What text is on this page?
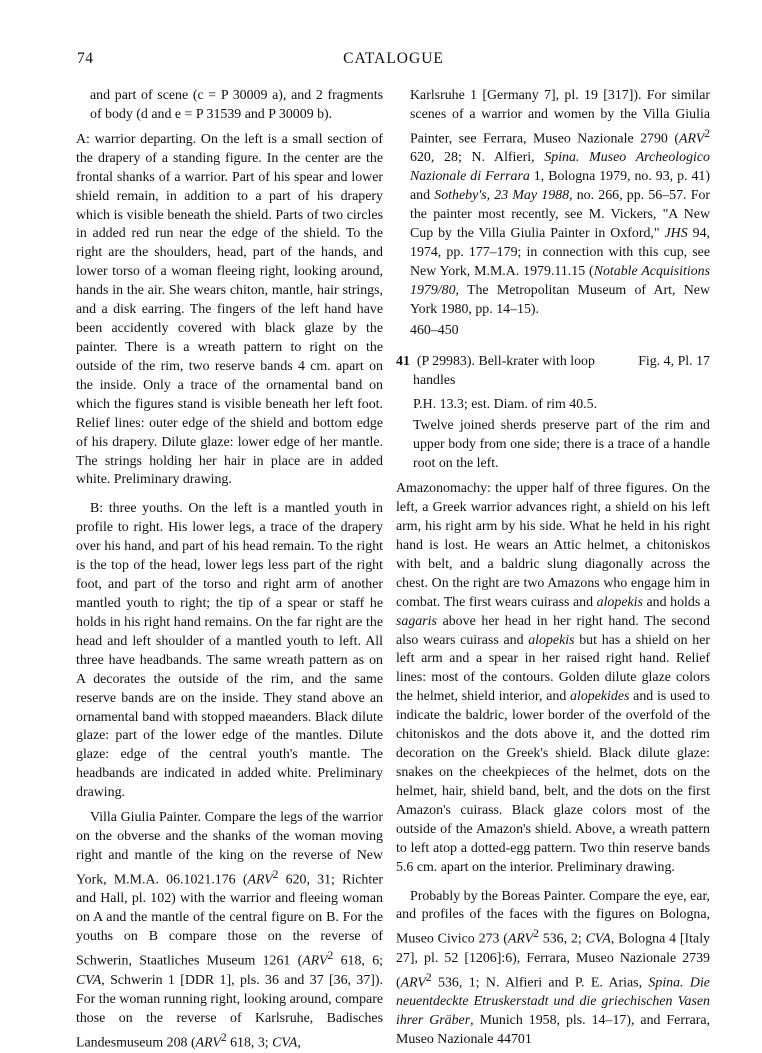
74	CATALOGUE

and part of scene (c = P 30009 a), and 2 fragments of body (d and e = P 31539 and P 30009 b).

A: warrior departing. On the left is a small section of the drapery of a standing figure. In the center are the frontal shanks of a warrior. Part of his spear and lower shield remain, in addition to a part of his drapery which is visible beneath the shield. Parts of two circles in added red run near the edge of the shield. To the right are the shoulders, head, part of the hands, and lower torso of a woman fleeing right, looking around, hands in the air. She wears chiton, mantle, hair strings, and a disk earring. The fingers of the left hand have been accidently covered with black glaze by the painter. There is a wreath pattern to right on the outside of the rim, two reserve bands 4 cm. apart on the inside. Only a trace of the ornamental band on which the figures stand is visible beneath her left foot. Relief lines: outer edge of the shield and bottom edge of his drapery. Dilute glaze: lower edge of her mantle. The strings holding her hair in place are in added white. Preliminary drawing.

B: three youths. On the left is a mantled youth in profile to right. His lower legs, a trace of the drapery over his hand, and part of his head remain. To the right is the top of the head, lower legs less part of the right foot, and part of the torso and right arm of another mantled youth to right; the tip of a spear or staff he holds in his right hand remains. On the far right are the head and left shoulder of a mantled youth to left. All three have headbands. The same wreath pattern as on A decorates the outside of the rim, and the same reserve bands are on the inside. They stand above an ornamental band with stopped maeanders. Black dilute glaze: part of the lower edge of the mantles. Dilute glaze: edge of the central youth's mantle. The headbands are indicated in added white. Preliminary drawing.

Villa Giulia Painter. Compare the legs of the warrior on the obverse and the shanks of the woman moving right and mantle of the king on the reverse of New York, M.M.A. 06.1021.176 (ARV$^2$ 620, 31; Richter and Hall, pl. 102) with the warrior and fleeing woman on A and the mantle of the central figure on B. For the youths on B compare those on the reverse of Schwerin, Staatliches Museum 1261 (ARV$^2$ 618, 6; CVA, Schwerin 1 [DDR 1], pls. 36 and 37 [36, 37]). For the woman running right, looking around, compare those on the reverse of Karlsruhe, Badisches Landesmuseum 208 (ARV$^2$ 618, 3; CVA,

Karlsruhe 1 [Germany 7], pl. 19 [317]). For similar scenes of a warrior and women by the Villa Giulia Painter, see Ferrara, Museo Nazionale 2790 (ARV$^2$ 620, 28; N. Alfieri, Spina. Museo Archeologico Nazionale di Ferrara 1, Bologna 1979, no. 93, p. 41) and Sotheby's, 23 May 1988, no. 266, pp. 56–57. For the painter most recently, see M. Vickers, "A New Cup by the Villa Giulia Painter in Oxford," JHS 94, 1974, pp. 177–179; in connection with this cup, see New York, M.M.A. 1979.11.15 (Notable Acquisitions 1979/80, The Metropolitan Museum of Art, New York 1980, pp. 14–15).

460–450

41 (P 29983). Bell-krater with loop	Fig. 4, Pl. 17
handles

P.H. 13.3; est. Diam. of rim 40.5.

Twelve joined sherds preserve part of the rim and upper body from one side; there is a trace of a handle root on the left.

Amazonomachy: the upper half of three figures. On the left, a Greek warrior advances right, a shield on his left arm, his right arm by his side. What he held in his right hand is lost. He wears an Attic helmet, a chitoniskos with belt, and a baldric slung diagonally across the chest. On the right are two Amazons who engage him in combat. The first wears cuirass and alopekis and holds a sagaris above her head in her right hand. The second also wears cuirass and alopekis but has a shield on her left arm and a spear in her raised right hand. Relief lines: most of the contours. Golden dilute glaze colors the helmet, shield interior, and alopekides and is used to indicate the baldric, lower border of the overfold of the chitoniskos and the dots above it, and the dotted rim decoration on the Greek's shield. Black dilute glaze: snakes on the cheekpieces of the helmet, dots on the helmet, hair, shield band, belt, and the dots on the first Amazon's cuirass. Black glaze colors most of the outside of the Amazon's shield. Above, a wreath pattern to left atop a dotted-egg pattern. Two thin reserve bands 5.6 cm. apart on the interior. Preliminary drawing.

Probably by the Boreas Painter. Compare the eye, ear, and profiles of the faces with the figures on Bologna, Museo Civico 273 (ARV$^2$ 536, 2; CVA, Bologna 4 [Italy 27], pl. 52 [1206]:6), Ferrara, Museo Nazionale 2739 (ARV$^2$ 536, 1; N. Alfieri and P. E. Arias, Spina. Die neuentdeckte Etruskerstadt und die griechischen Vasen ihrer Gräber, Munich 1958, pls. 14–17), and Ferrara, Museo Nazionale 44701
